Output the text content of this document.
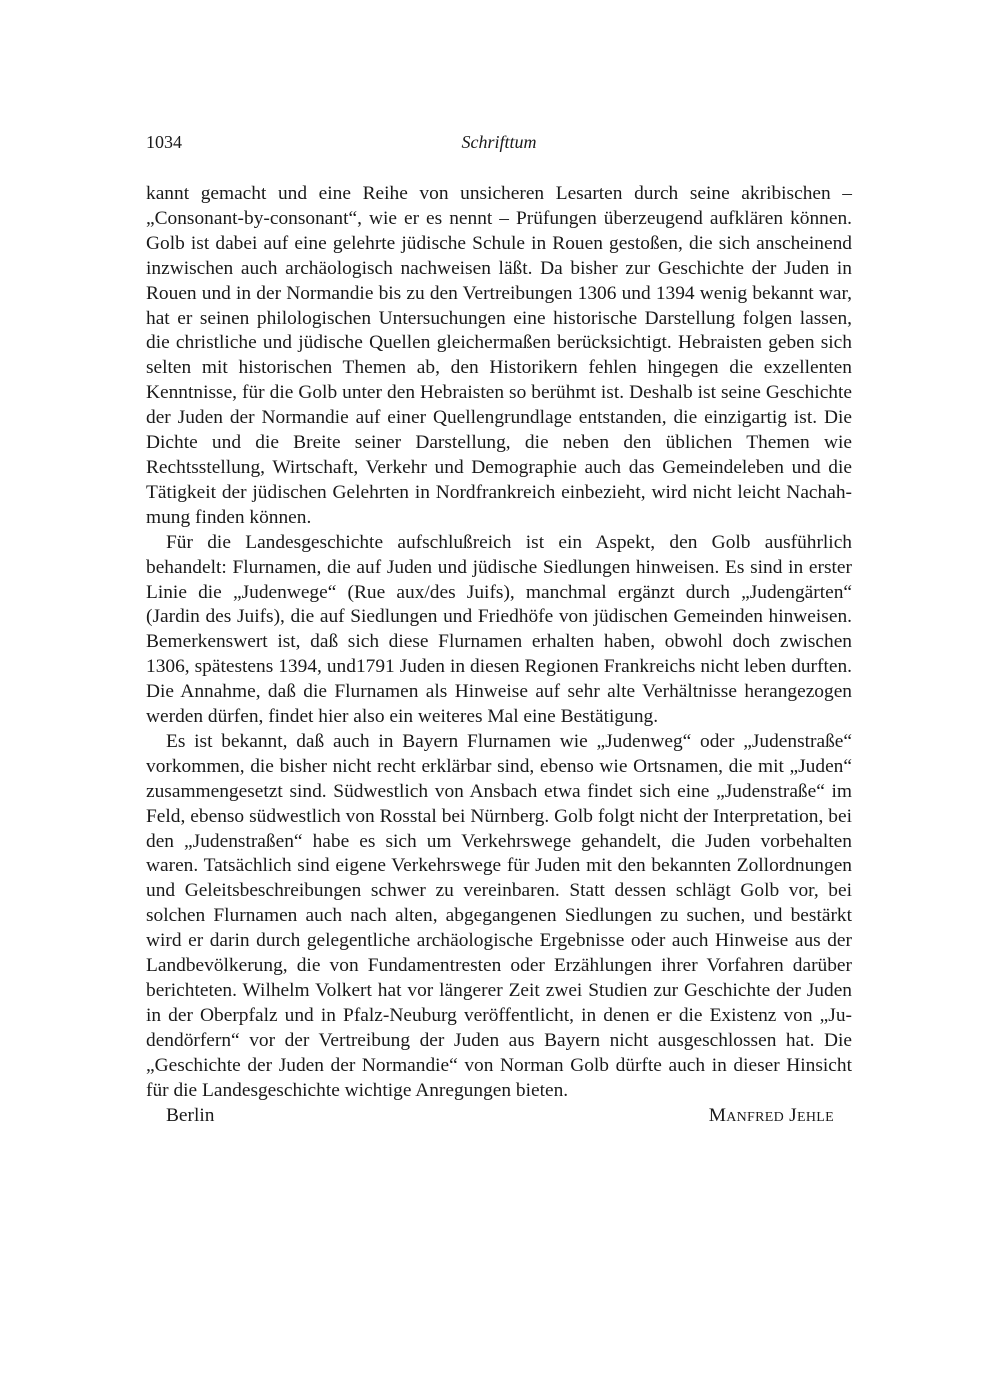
1034	Schrifttum

kannt gemacht und eine Reihe von unsicheren Lesarten durch seine akribischen – „Consonant-by-consonant“, wie er es nennt – Prüfungen überzeugend aufklären können. Golb ist dabei auf eine gelehrte jüdische Schule in Rouen gestoßen, die sich anscheinend inzwischen auch archäologisch nachweisen läßt. Da bisher zur Geschichte der Juden in Rouen und in der Normandie bis zu den Vertreibungen 1306 und 1394 wenig bekannt war, hat er seinen philologischen Untersuchungen eine historische Darstellung folgen lassen, die christliche und jüdische Quellen gleichermaßen berücksichtigt. Hebraisten geben sich selten mit historischen Themen ab, den Historikern fehlen hingegen die exzellenten Kenntnisse, für die Golb unter den Hebraisten so berühmt ist. Deshalb ist seine Geschichte der Juden der Normandie auf einer Quellengrundlage entstanden, die einzigartig ist. Die Dichte und die Breite seiner Darstellung, die neben den üblichen Themen wie Rechtsstellung, Wirtschaft, Verkehr und Demographie auch das Gemeindeleben und die Tätigkeit der jüdischen Gelehrten in Nordfrankreich einbezieht, wird nicht leicht Nachahmung finden können.

Für die Landesgeschichte aufschlußreich ist ein Aspekt, den Golb ausführlich behandelt: Flurnamen, die auf Juden und jüdische Siedlungen hinweisen. Es sind in erster Linie die „Judenwege“ (Rue aux/des Juifs), manchmal ergänzt durch „Judengärten“ (Jardin des Juifs), die auf Siedlungen und Friedhöfe von jüdischen Gemeinden hinweisen. Bemerkenswert ist, daß sich diese Flurnamen erhalten haben, obwohl doch zwischen 1306, spätestens 1394, und1791 Juden in diesen Regionen Frankreichs nicht leben durften. Die Annahme, daß die Flurnamen als Hinweise auf sehr alte Verhältnisse herangezogen werden dürfen, findet hier also ein weiteres Mal eine Bestätigung.

Es ist bekannt, daß auch in Bayern Flurnamen wie „Judenweg“ oder „Judenstraße“ vorkommen, die bisher nicht recht erklärbar sind, ebenso wie Ortsnamen, die mit „Juden“ zusammengesetzt sind. Südwestlich von Ansbach etwa findet sich eine „Judenstraße“ im Feld, ebenso südwestlich von Rosstal bei Nürnberg. Golb folgt nicht der Interpretation, bei den „Judenstraßen“ habe es sich um Verkehrswege gehandelt, die Juden vorbehalten waren. Tatsächlich sind eigene Verkehrswege für Juden mit den bekannten Zollordnungen und Geleitsbeschreibungen schwer zu vereinbaren. Statt dessen schlägt Golb vor, bei solchen Flurnamen auch nach alten, abgegangenen Siedlungen zu suchen, und bestärkt wird er darin durch gelegentliche archäologische Ergebnisse oder auch Hinweise aus der Landbevölkerung, die von Fundamentresten oder Erzählungen ihrer Vorfahren darüber berichteten. Wilhelm Volkert hat vor längerer Zeit zwei Studien zur Geschichte der Juden in der Oberpfalz und in Pfalz-Neuburg veröffentlicht, in denen er die Existenz von „Judendörfern“ vor der Vertreibung der Juden aus Bayern nicht ausgeschlossen hat. Die „Geschichte der Juden der Normandie“ von Norman Golb dürfte auch in dieser Hinsicht für die Landesgeschichte wichtige Anregungen bieten.

Berlin	Manfred Jehle
